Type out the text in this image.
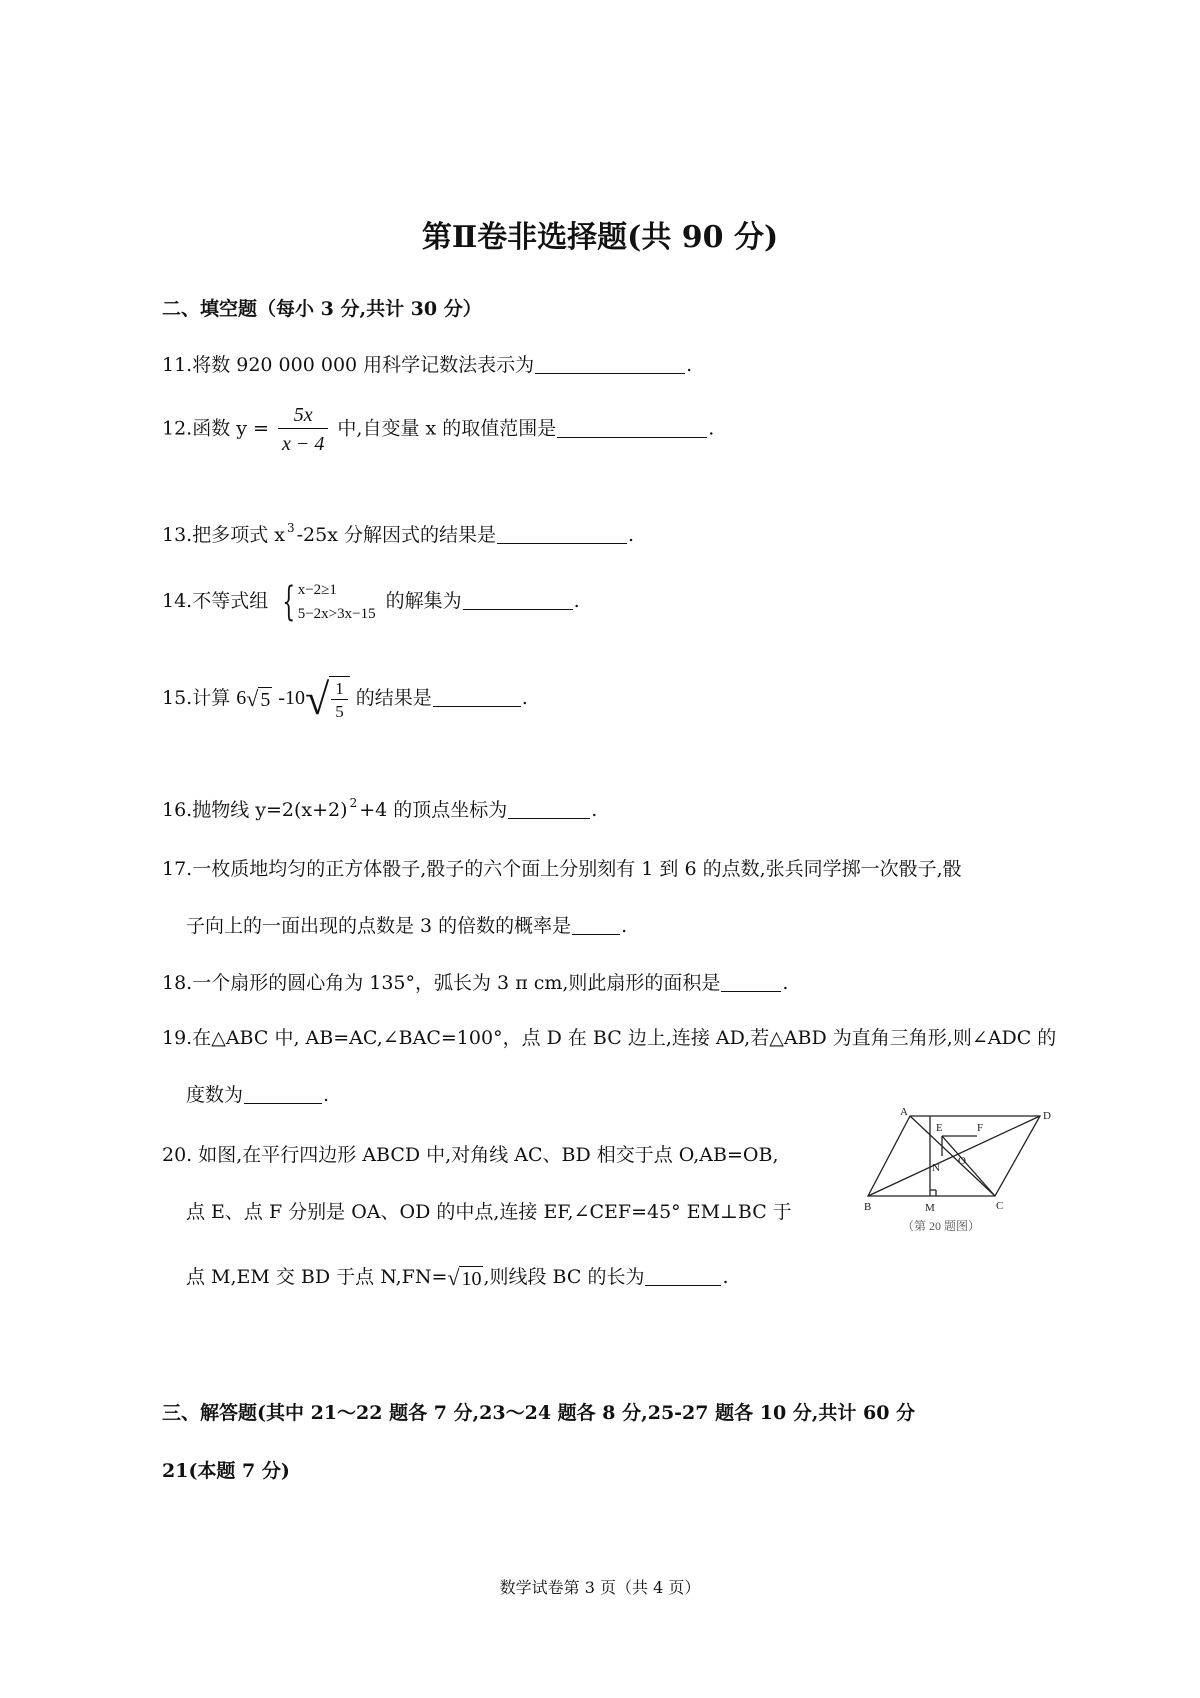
第Ⅱ卷非选择题(共 90 分)
二、填空题（每小 3 分,共计 30 分）
11.将数 920 000 000 用科学记数法表示为	.
12.函数 $y = \frac{5x}{x - 4}$ 中,自变量 x 的取值范围是	.
13.把多项式 x $^3$ -25x 分解因式的结果是	.
14.不等式组 { x−2≥1
5−2x>3x−15
的解集为	.
15.计算 6 √ 5 -10 √ $\frac{1}{5}$ 的结果是	.
16.抛物线 y=2(x+2) $^2$ +4 的顶点坐标为	.
17.一枚质地均匀的正方体骰子,骰子的六个面上分别刻有 1 到 6 的点数,张兵同学掷一次骰子,骰
子向上的一面出现的点数是 3 的倍数的概率是	.
18.一个扇形的圆心角为 135°，弧长为 3 π cm,则此扇形的面积是	.
19.在△ABC 中, AB=AC,∠BAC=100°，点 D 在 BC 边上,连接 AD,若△ABD 为直角三角形,则∠ADC 的
度数为	.
20. 如图,在平行四边形 ABCD 中,对角线 AC、BD 相交于点 O,AB=OB,
点 E、点 F 分别是 OA、OD 的中点,连接 EF,∠CEF=45° EM⊥BC 于
点 M,EM 交 BD 于点 N,FN= √ 10 ,则线段 BC 的长为	.
A
B	C
D
E	F
O
N
M
（第 20 题图）
三、解答题(其中 21～22 题各 7 分,23～24 题各 8 分,25-27 题各 10 分,共计 60 分
21(本题 7 分)
数学试卷第 3 页（共 4 页）
